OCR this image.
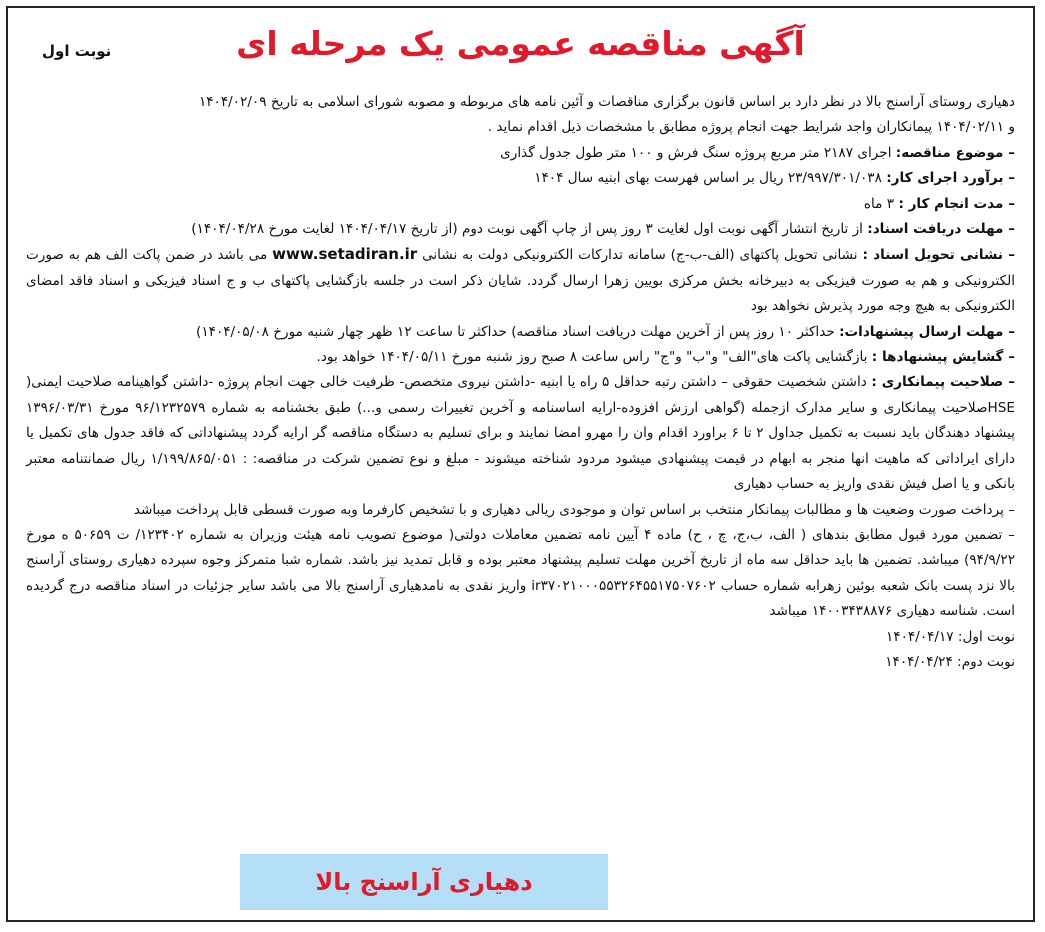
نوبت اول	آگهی مناقصه عمومی یک مرحله ای

دهیاری روستای آراسنج بالا در نظر دارد بر اساس قانون برگزاری مناقصات و آئین نامه های مربوطه و مصوبه شورای اسلامی به تاریخ ۱۴۰۴/۰۲/۰۹

و ۱۴۰۴/۰۲/۱۱ پیمانکاران واجد شرایط جهت انجام پروژه مطابق با مشخصات ذیل اقدام نماید .

– موضوع مناقصه: اجرای ۲۱۸۷ متر مربع پروژه سنگ فرش و ۱۰۰ متر طول جدول گذاری

– برآورد اجرای کار: ۲۳/۹۹۷/۳۰۱/۰۳۸ ریال بر اساس فهرست بهای ابنیه سال ۱۴۰۴

– مدت انجام کار : ۳ ماه

– مهلت دریافت اسناد: از تاریخ انتشار آگهی نوبت اول لغایت ۳ روز پس از چاپ آگهی نوبت دوم (از تاریخ ۱۴۰۴/۰۴/۱۷ لغایت مورخ ۱۴۰۴/۰۴/۲۸)

– نشانی تحویل اسناد : نشانی تحویل پاکتهای (الف-ب-ج) سامانه تدارکات الکترونیکی دولت به نشانی www.setadiran.ir می باشد در ضمن پاکت الف هم به صورت الکترونیکی و هم به صورت فیزیکی به دبیرخانه بخش مرکزی بویین زهرا ارسال گردد. شایان ذکر است در جلسه بازگشایی پاکتهای ب و ج اسناد فیزیکی و اسناد فاقد امضای الکترونیکی به هیچ وجه مورد پذیرش نخواهد بود

– مهلت ارسال پیشنهادات: حداکثر ۱۰ روز پس از آخرین مهلت دریافت اسناد مناقصه) حداکثر تا ساعت ۱۲ ظهر چهار شنبه مورخ ۱۴۰۴/۰۵/۰۸)

– گشایش پیشنهادها : بازگشایی پاکت های"الف" و"ب" و"ج" راس ساعت ۸ صبح روز شنبه مورخ ۱۴۰۴/۰۵/۱۱ خواهد بود.

– صلاحیت پیمانکاری : داشتن شخصیت حقوقی – داشتن رتبه حداقل ۵ راه یا ابنیه -داشتن نیروی متخصص- ظرفیت خالی جهت انجام پروژه -داشتن گواهینامه صلاحیت ایمنی( HSEصلاحیت پیمانکاری و سایر مدارک ازجمله (گواهی ارزش افزوده-ارایه اساسنامه و آخرین تغییرات رسمی و...) طبق بخشنامه به شماره ۹۶/۱۲۳۲۵۷۹ مورخ ۱۳۹۶/۰۳/۳۱ پیشنهاد دهندگان باید نسبت به تکمیل جداول ۲ تا ۶ براورد اقدام وان را مهرو امضا نمایند و برای تسلیم به دستگاه مناقصه گر ارایه گردد پیشنهاداتی که فاقد جدول های تکمیل یا دارای ایراداتی که ماهیت انها منجر به ابهام در قیمت پیشنهادی میشود مردود شناخته میشوند - مبلغ و نوع تضمین شرکت در مناقصه: : ۱/۱۹۹/۸۶۵/۰۵۱ ریال ضمانتنامه معتبر بانکی و یا اصل فیش نقدی واریز به حساب دهیاری

– پرداخت صورت وضعیت ها و مطالبات پیمانکار منتخب بر اساس توان و موجودی ریالی دهیاری و با تشخیص کارفرما وبه صورت قسطی قابل پرداخت میباشد

– تضمین مورد قبول مطابق بندهای ( الف، ب،ج، چ ، ح) ماده ۴ آیین نامه تضمین معاملات دولتی( موضوع تصویب نامه هیئت وزیران به شماره ۱۲۳۴۰۲/ ت ۵۰۶۵۹ ه مورخ ۹۴/۹/۲۲) میباشد. تضمین ها باید حداقل سه ماه از تاریخ آخرین مهلت تسلیم پیشنهاد معتبر بوده و قابل تمدید نیز باشد. شماره شبا متمرکز وجوه سپرده دهیاری روستای آراسنج بالا نزد پست بانک شعبه بوئین زهرابه شماره حساب ir۳۷۰۲۱۰۰۰۵۵۳۲۶۴۵۵۱۷۵۰۷۶۰۲ واریز نقدی به نامدهیاری آراسنج بالا می باشد سایر جزئیات در اسناد مناقصه درج گردیده است. شناسه دهیاری ۱۴۰۰۳۴۳۸۸۷۶ میباشد

نوبت اول: ۱۴۰۴/۰۴/۱۷

نوبت دوم: ۱۴۰۴/۰۴/۲۴

دهیاری آراسنج بالا
